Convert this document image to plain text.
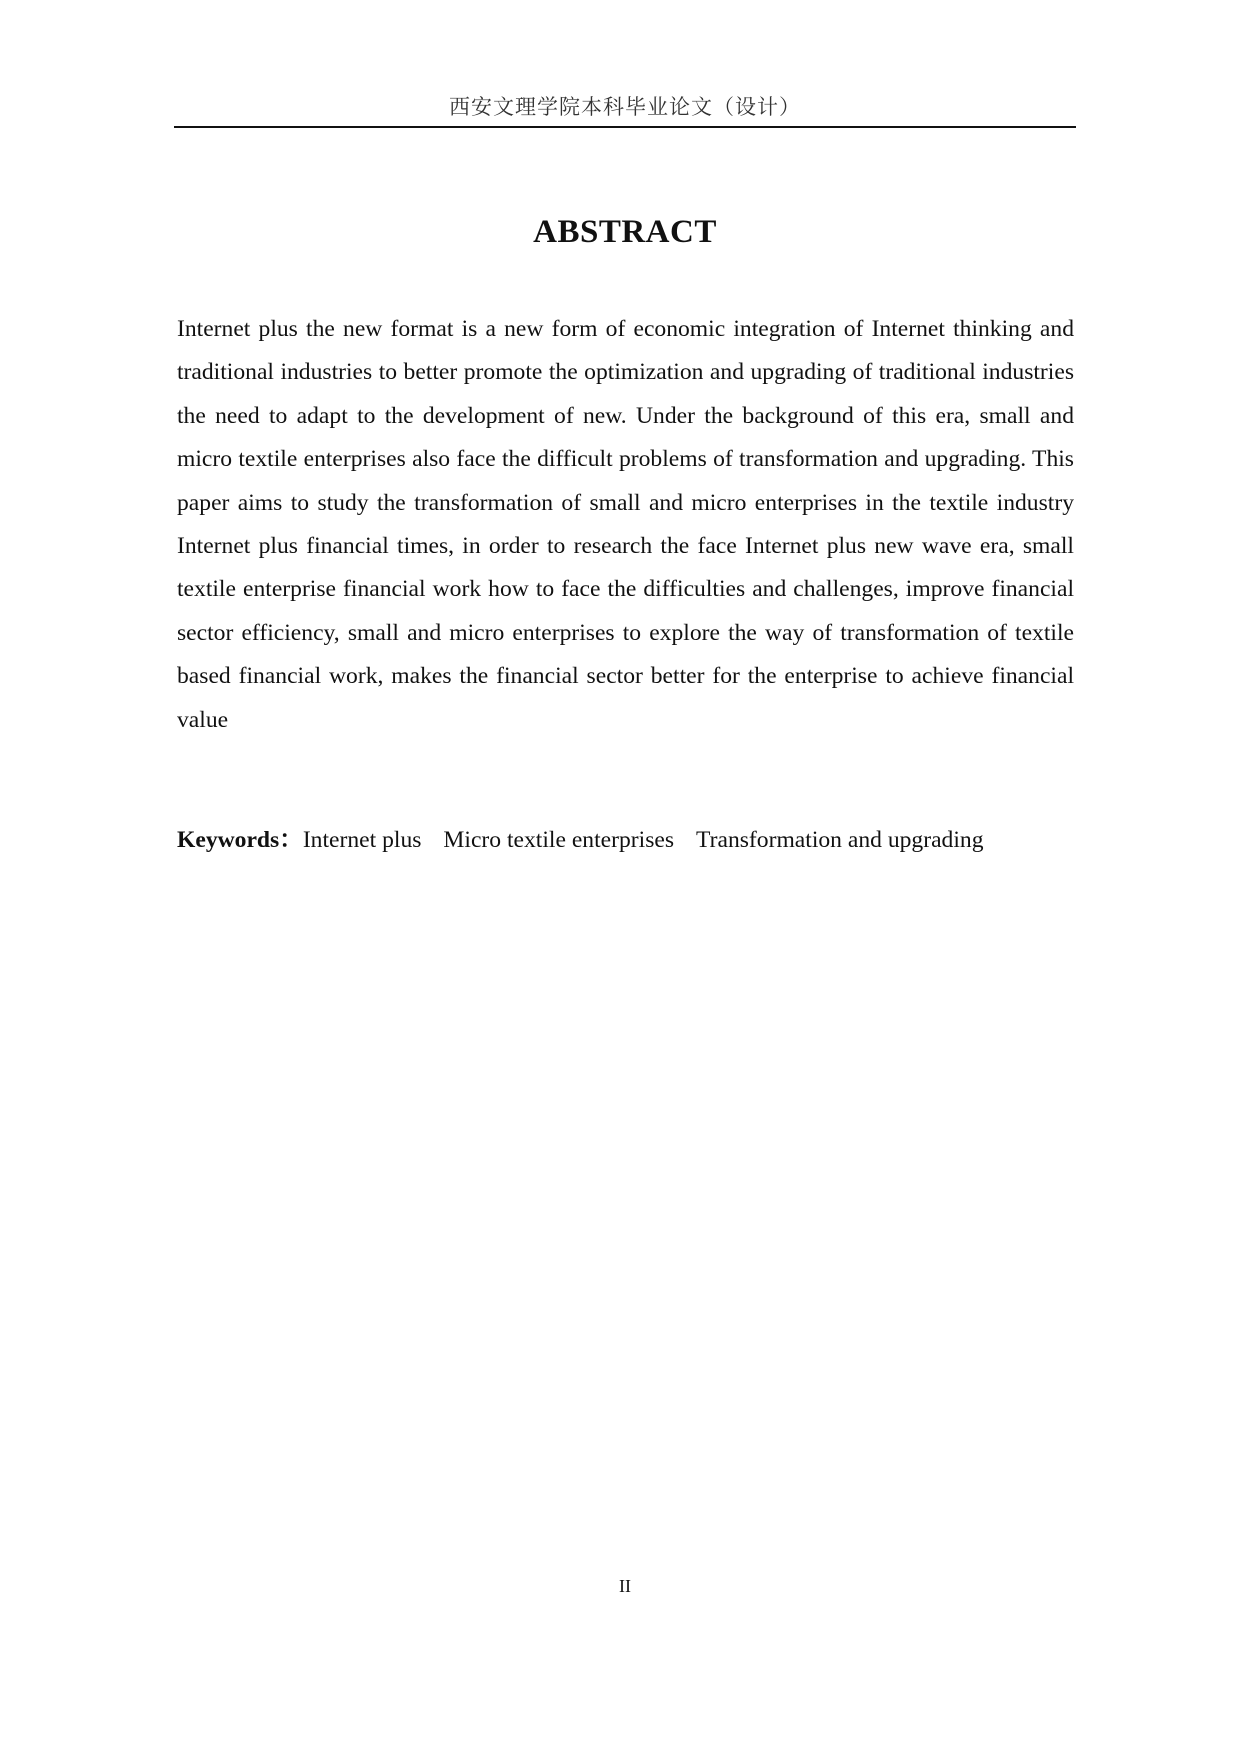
西安文理学院本科毕业论文（设计）
ABSTRACT

Internet plus the new format is a new form of economic integration of Internet thinking and traditional industries to better promote the optimization and upgrading of traditional industries the need to adapt to the development of new. Under the background of this era, small and micro textile enterprises also face the difficult problems of transformation and upgrading. This paper aims to study the transformation of small and micro enterprises in the textile industry Internet plus financial times, in order to research the face Internet plus new wave era, small textile enterprise financial work how to face the difficulties and challenges, improve financial sector efficiency, small and micro enterprises to explore the way of transformation of textile based financial work, makes the financial sector better for the enterprise to achieve financial value

Keywords：Internet plus Micro textile enterprises Transformation and upgrading
II
